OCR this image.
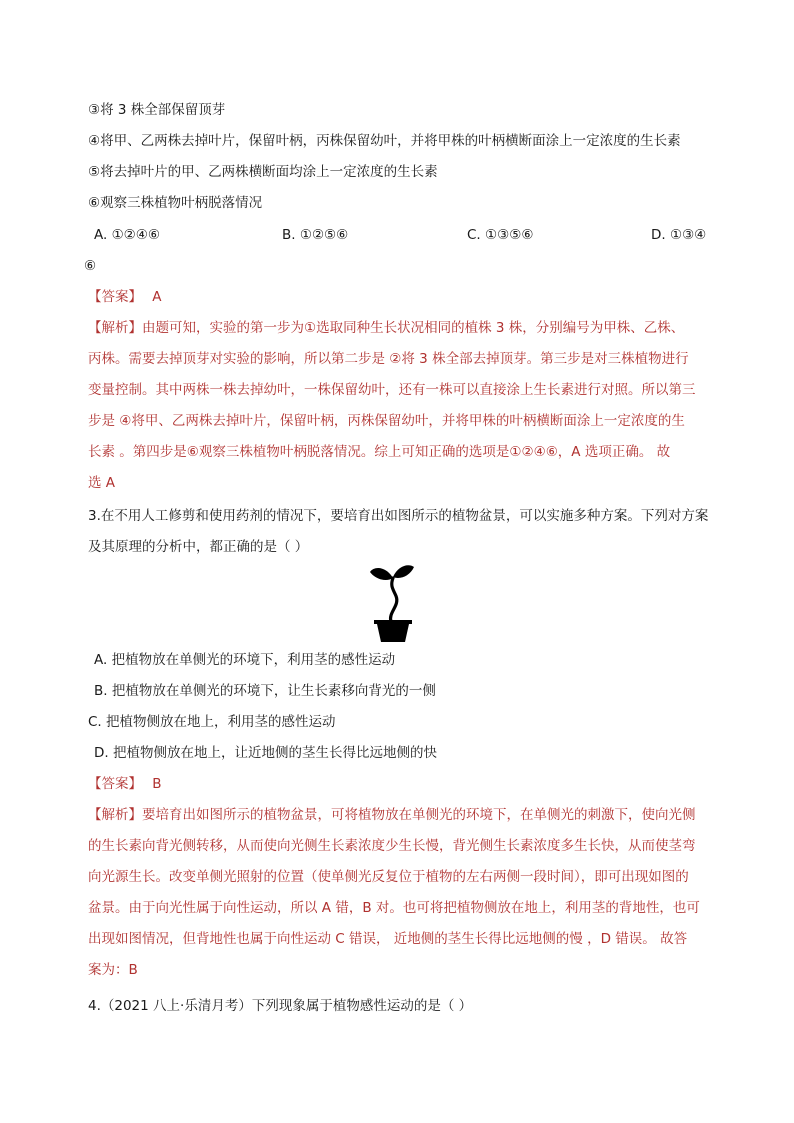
③将 3 株全部保留顶芽
④将甲、乙两株去掉叶片，保留叶柄，丙株保留幼叶，并将甲株的叶柄横断面涂上一定浓度的生长素
⑤将去掉叶片的甲、乙两株横断面均涂上一定浓度的生长素
⑥观察三株植物叶柄脱落情况
A. ①②④⑥	B. ①②⑤⑥	C. ①③⑤⑥	D. ①③④
⑥
【答案】 A
【解析】由题可知，实验的第一步为①选取同种生长状况相同的植株 3 株，分别编号为甲株、乙株、
丙株。需要去掉顶芽对实验的影响，所以第二步是 ②将 3 株全部去掉顶芽。第三步是对三株植物进行
变量控制。其中两株一株去掉幼叶，一株保留幼叶，还有一株可以直接涂上生长素进行对照。所以第三
步是 ④将甲、乙两株去掉叶片，保留叶柄，丙株保留幼叶，并将甲株的叶柄横断面涂上一定浓度的生
长素 。第四步是⑥观察三株植物叶柄脱落情况。综上可知正确的选项是①②④⑥，A 选项正确。 故
选 A
3.在不用人工修剪和使用药剂的情况下，要培育出如图所示的植物盆景，可以实施多种方案。下列对方案
及其原理的分析中，都正确的是（ ）
A. 把植物放在单侧光的环境下，利用茎的感性运动
B. 把植物放在单侧光的环境下，让生长素移向背光的一侧
C. 把植物侧放在地上，利用茎的感性运动
D. 把植物侧放在地上，让近地侧的茎生长得比远地侧的快
【答案】 B
【解析】要培育出如图所示的植物盆景，可将植物放在单侧光的环境下，在单侧光的刺激下，使向光侧
的生长素向背光侧转移，从而使向光侧生长素浓度少生长慢，背光侧生长素浓度多生长快，从而使茎弯
向光源生长。改变单侧光照射的位置（使单侧光反复位于植物的左右两侧一段时间），即可出现如图的
盆景。由于向光性属于向性运动，所以 A 错，B 对。也可将把植物侧放在地上，利用茎的背地性，也可
出现如图情况，但背地性也属于向性运动 C 错误， 近地侧的茎生长得比远地侧的慢 ，D 错误。 故答
案为：B
4.（2021 八上·乐清月考）下列现象属于植物感性运动的是（ ）
